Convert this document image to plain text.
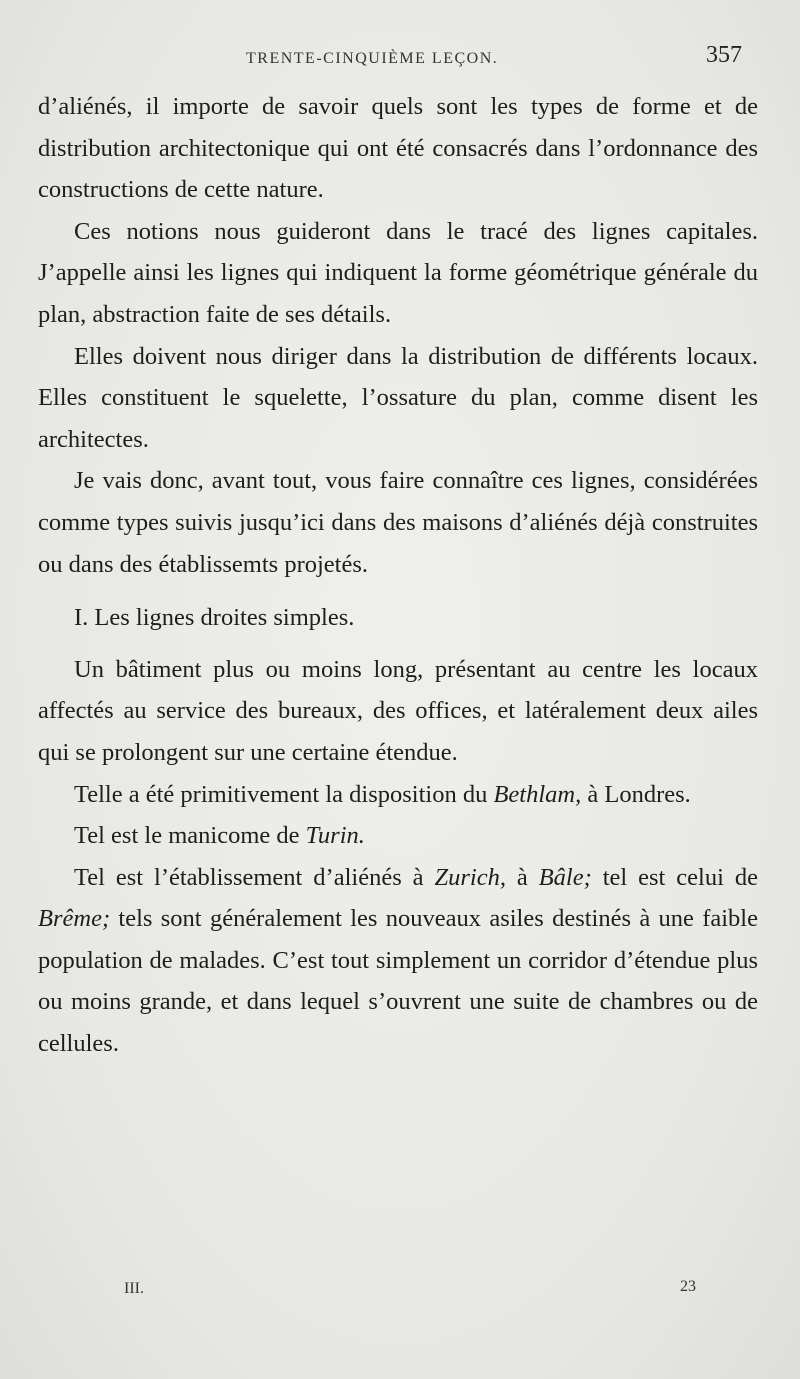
TRENTE-CINQUIÈME LEÇON.	357

d’aliénés, il importe de savoir quels sont les types de forme et de distribution architectonique qui ont été consacrés dans l’ordonnance des constructions de cette nature.

Ces notions nous guideront dans le tracé des lignes capitales. J’appelle ainsi les lignes qui indiquent la forme géométrique générale du plan, abstraction faite de ses détails.

Elles doivent nous diriger dans la distribution de différents locaux. Elles constituent le squelette, l’ossature du plan, comme disent les architectes.

Je vais donc, avant tout, vous faire connaître ces lignes, considérées comme types suivis jusqu’ici dans des maisons d’aliénés déjà construites ou dans des établissemts projetés.

I. Les lignes droites simples.

Un bâtiment plus ou moins long, présentant au centre les locaux affectés au service des bureaux, des offices, et latéralement deux ailes qui se prolongent sur une certaine étendue.

Telle a été primitivement la disposition du Bethlam, à Londres.

Tel est le manicome de Turin.

Tel est l’établissement d’aliénés à Zurich, à Bâle; tel est celui de Brême; tels sont généralement les nouveaux asiles destinés à une faible population de malades. C’est tout simplement un corridor d’étendue plus ou moins grande, et dans lequel s’ouvrent une suite de chambres ou de cellules.

III.	23
